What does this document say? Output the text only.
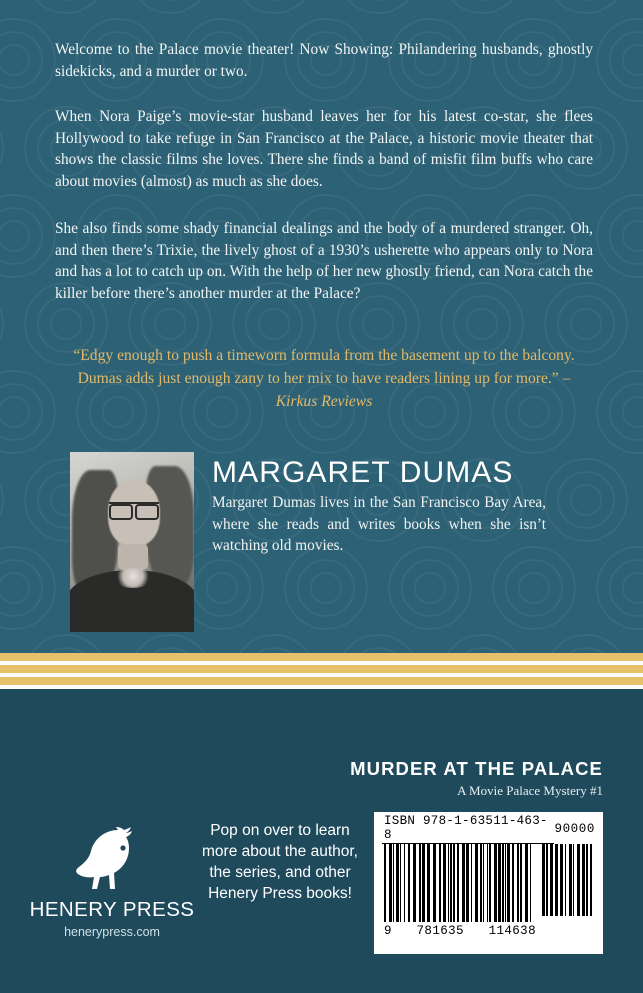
Welcome to the Palace movie theater! Now Showing: Philandering husbands, ghostly sidekicks, and a murder or two.

When Nora Paige’s movie-star husband leaves her for his latest co-star, she flees Hollywood to take refuge in San Francisco at the Palace, a historic movie theater that shows the classic films she loves. There she finds a band of misfit film buffs who care about movies (almost) as much as she does.

She also finds some shady financial dealings and the body of a murdered stranger. Oh, and then there’s Trixie, the lively ghost of a 1930’s usherette who appears only to Nora and has a lot to catch up on. With the help of her new ghostly friend, can Nora catch the killer before there’s another murder at the Palace?

“Edgy enough to push a timeworn formula from the basement up to the balcony. Dumas adds just enough zany to her mix to have readers lining up for more.” – Kirkus Reviews
MARGARET DUMAS
Margaret Dumas lives in the San Francisco Bay Area, where she reads and writes books when she isn’t watching old movies.
MURDER AT THE PALACE
A Movie Palace Mystery #1
HENERY PRESS
henerypress.com
Pop on over to learn more about the author, the series, and other Henery Press books!
ISBN 978-1-63511-463-8	90000
9 781635 114638
